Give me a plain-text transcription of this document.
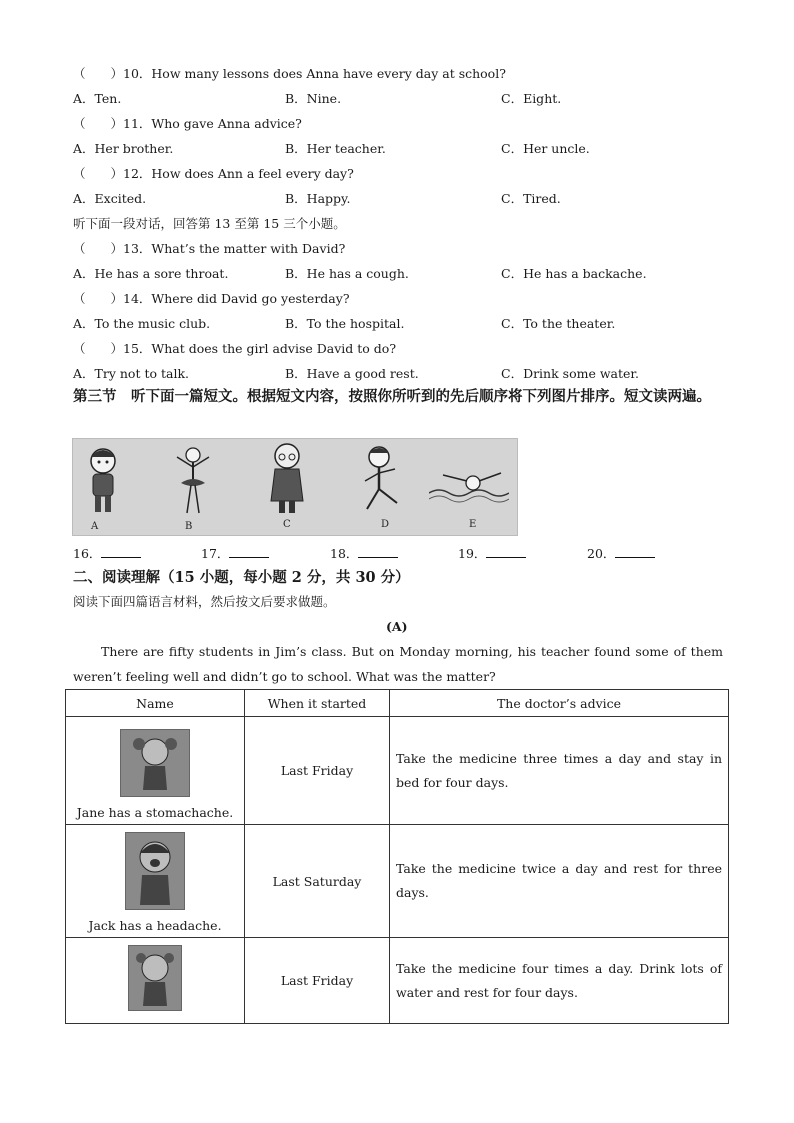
（　　）10．How many lessons does Anna have every day at school?
A．Ten.	B．Nine.	C．Eight.
（　　）11．Who gave Anna advice?
A．Her brother.	B．Her teacher.	C．Her uncle.
（　　）12．How does Ann a feel every day?
A．Excited.	B．Happy.	C．Tired.
听下面一段对话，回答第 13 至第 15 三个小题。
（　　）13．What’s the matter with David?
A．He has a sore throat.	B．He has a cough.	C．He has a backache.
（　　）14．Where did David go yesterday?
A．To the music club.	B．To the hospital.	C．To the theater.
（　　）15．What does the girl advise David to do?
A．Try not to talk.	B．Have a good rest.	C．Drink some water.
第三节　听下面一篇短文。根据短文内容，按照你所听到的先后顺序将下列图片排序。短文读两遍。
A	B	C	D	E
16．	17．	18．	19．	20．
二、阅读理解（15 小题，每小题 2 分，共 30 分）
阅读下面四篇语言材料，然后按文后要求做题。
(A)
There are fifty students in Jim’s class. But on Monday morning, his teacher found some of them weren’t feeling well and didn’t go to school. What was the matter?
Name	When it started	The doctor’s advice

Jane has a stomachache.	Last Friday	Take the medicine three times a day and stay in bed for four days.

Jack has a headache.	Last Saturday	Take the medicine twice a day and rest for three days.

	Last Friday	Take the medicine four times a day. Drink lots of water and rest for four days.
